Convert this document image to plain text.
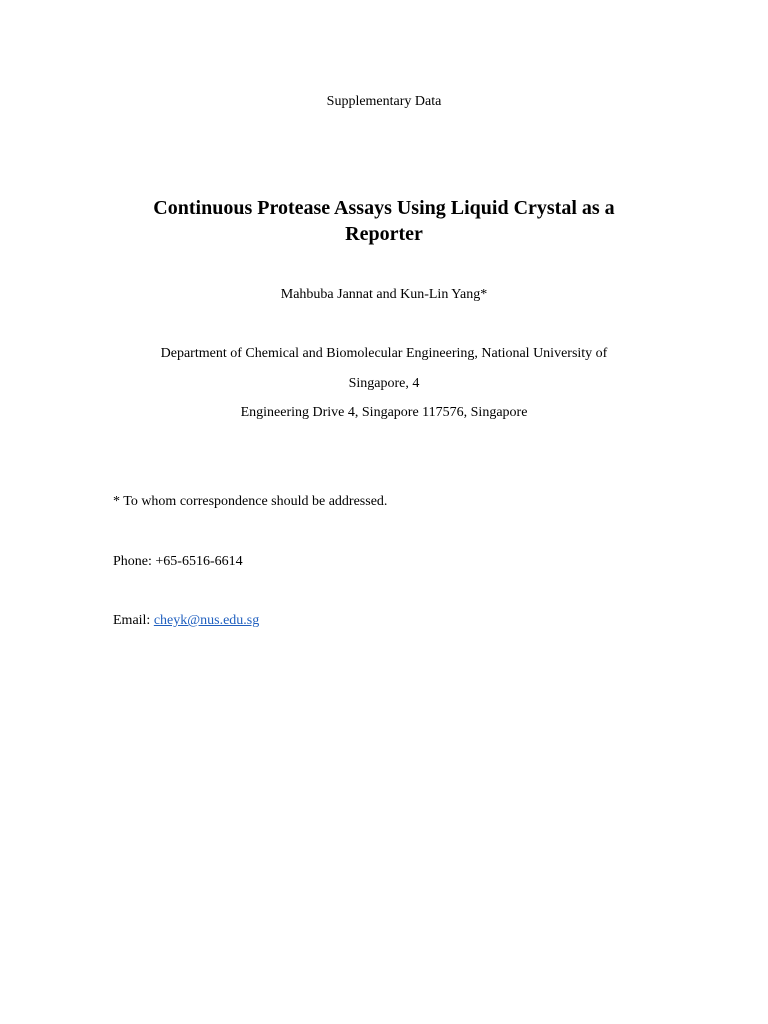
Supplementary Data
Continuous Protease Assays Using Liquid Crystal as a Reporter
Mahbuba Jannat and Kun-Lin Yang*
Department of Chemical and Biomolecular Engineering, National University of
Singapore, 4
Engineering Drive 4, Singapore 117576, Singapore
* To whom correspondence should be addressed.
Phone: +65-6516-6614
Email: cheyk@nus.edu.sg
